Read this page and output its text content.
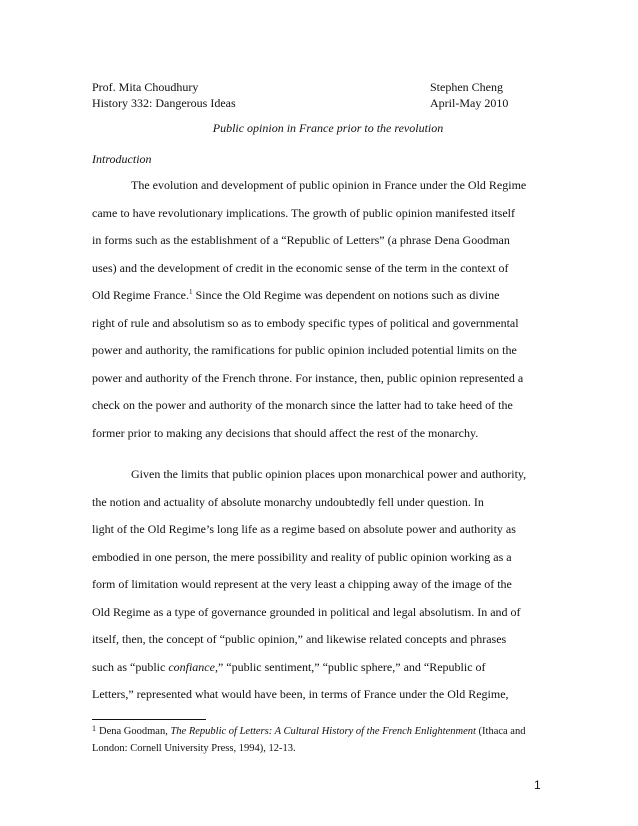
Prof. Mita Choudhury
History 332: Dangerous Ideas
Stephen Cheng
April-May 2010
Public opinion in France prior to the revolution
Introduction
The evolution and development of public opinion in France under the Old Regime
came to have revolutionary implications. The growth of public opinion manifested itself
in forms such as the establishment of a “Republic of Letters” (a phrase Dena Goodman
uses) and the development of credit in the economic sense of the term in the context of
Old Regime France.$^1$ Since the Old Regime was dependent on notions such as divine
right of rule and absolutism so as to embody specific types of political and governmental
power and authority, the ramifications for public opinion included potential limits on the
power and authority of the French throne. For instance, then, public opinion represented a
check on the power and authority of the monarch since the latter had to take heed of the
former prior to making any decisions that should affect the rest of the monarchy.
Given the limits that public opinion places upon monarchical power and authority,
the notion and actuality of absolute monarchy undoubtedly fell under question. In
light of the Old Regime’s long life as a regime based on absolute power and authority as
embodied in one person, the mere possibility and reality of public opinion working as a
form of limitation would represent at the very least a chipping away of the image of the
Old Regime as a type of governance grounded in political and legal absolutism. In and of
itself, then, the concept of “public opinion,” and likewise related concepts and phrases
such as “public confiance,” “public sentiment,” “public sphere,” and “Republic of
Letters,” represented what would have been, in terms of France under the Old Regime,
$^1$ Dena Goodman, The Republic of Letters: A Cultural History of the French Enlightenment (Ithaca and
London: Cornell University Press, 1994), 12-13.
1
